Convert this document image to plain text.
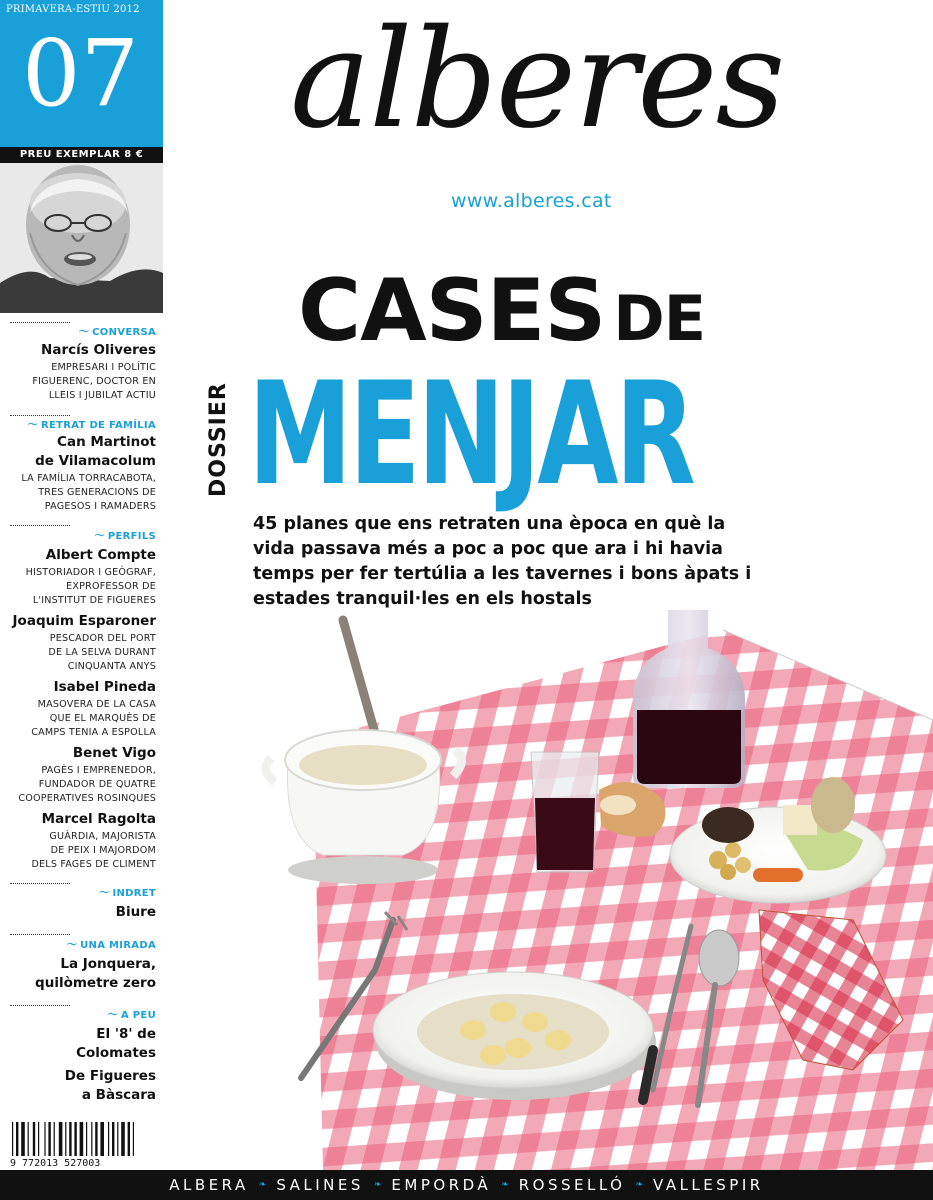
PRIMAVERA-ESTIU 2012
07
PREU EXEMPLAR 8 €
〜 CONVERSA
Narcís Oliveres
EMPRESARI I POLÍTIC
FIGUERENC, DOCTOR EN
LLEIS I JUBILAT ACTIU
〜 RETRAT DE FAMÍLIA
Can Martinot
de Vilamacolum
LA FAMÍLIA TORRACABOTA,
TRES GENERACIONS DE
PAGESOS I RAMADERS
〜 PERFILS
Albert Compte
HISTORIADOR I GEÒGRAF,
EXPROFESSOR DE
L'INSTITUT DE FIGUERES
Joaquim Esparoner
PESCADOR DEL PORT
DE LA SELVA DURANT
CINQUANTA ANYS
Isabel Pineda
MASOVERA DE LA CASA
QUE EL MARQUÈS DE
CAMPS TENIA A ESPOLLA
Benet Vigo
PAGÈS I EMPRENEDOR,
FUNDADOR DE QUATRE
COOPERATIVES ROSINQUES
Marcel Ragolta
GUÀRDIA, MAJORISTA
DE PEIX I MAJORDOM
DELS FAGES DE CLIMENT
〜 INDRET
Biure
〜 UNA MIRADA
La Jonquera,
quilòmetre zero
〜 A PEU
El '8' de
Colomates
De Figueres
a Bàscara
9 772013 527003
alberes
www.alberes.cat
CASES DE
DOSSIER MENJAR
45 planes que ens retraten una època en què la vida passava més a poc a poc que ara i hi havia temps per fer tertúlia a les tavernes i bons àpats i estades tranquil·les en els hostals
ALBERA ❧ SALINES ❧ EMPORDÀ ❧ ROSSELLÓ ❧ VALLESPIR
